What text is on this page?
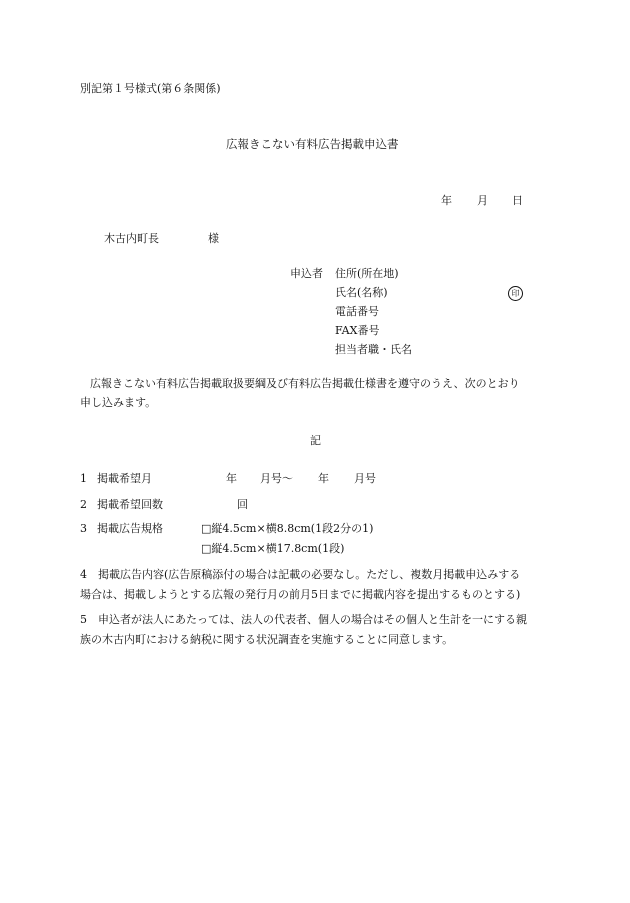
別記第１号様式(第６条関係)
広報きこない有料広告掲載申込書
年 月 日
木古内町長	様
申込者 住所(所在地)
氏名(名称)	印
電話番号
FAX番号
担当者職・氏名
広報きこない有料広告掲載取扱要綱及び有料広告掲載仕様書を遵守のうえ、次のとおり
申し込みます。
記
1 掲載希望月	年 月号〜 年 月号
2 掲載希望回数	回
3 掲載広告規格	□縦4.5cm×横8.8cm(1段2分の1)
□縦4.5cm×横17.8cm(1段)
4　掲載広告内容(広告原稿添付の場合は記載の必要なし。ただし、複数月掲載申込みする
場合は、掲載しようとする広報の発行月の前月5日までに掲載内容を提出するものとする)
5　申込者が法人にあたっては、法人の代表者、個人の場合はその個人と生計を一にする親
族の木古内町における納税に関する状況調査を実施することに同意します。
